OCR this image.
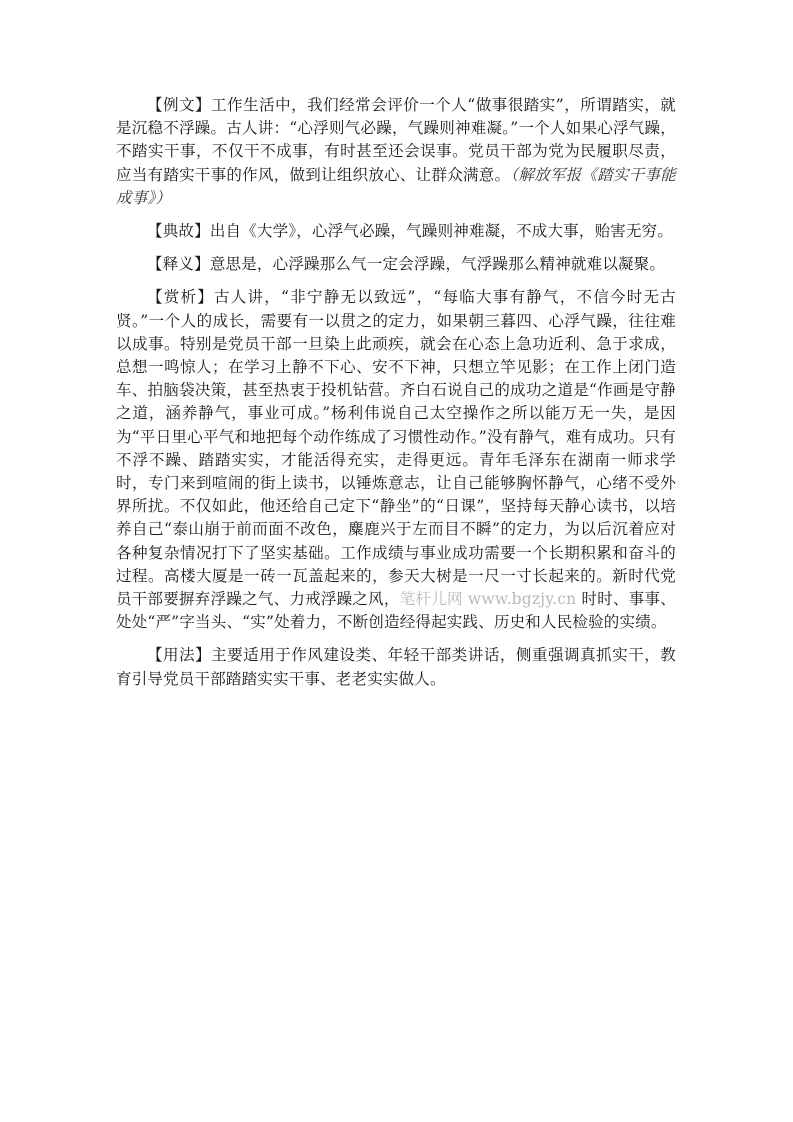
【例文】工作生活中，我们经常会评价一个人“做事很踏实”，所谓踏实，就是沉稳不浮躁。古人讲：“心浮则气必躁，气躁则神难凝。”一个人如果心浮气躁，不踏实干事，不仅干不成事，有时甚至还会误事。党员干部为党为民履职尽责，应当有踏实干事的作风，做到让组织放心、让群众满意。（解放军报《踏实干事能成事》）

【典故】出自《大学》，心浮气必躁，气躁则神难凝，不成大事，贻害无穷。

【释义】意思是，心浮躁那么气一定会浮躁，气浮躁那么精神就难以凝聚。

【赏析】古人讲，“非宁静无以致远”，“每临大事有静气，不信今时无古贤。”一个人的成长，需要有一以贯之的定力，如果朝三暮四、心浮气躁，往往难以成事。特别是党员干部一旦染上此顽疾，就会在心态上急功近利、急于求成，总想一鸣惊人；在学习上静不下心、安不下神，只想立竿见影；在工作上闭门造车、拍脑袋决策，甚至热衷于投机钻营。齐白石说自己的成功之道是“作画是守静之道，涵养静气，事业可成。”杨利伟说自己太空操作之所以能万无一失，是因为“平日里心平气和地把每个动作练成了习惯性动作。”没有静气，难有成功。只有不浮不躁、踏踏实实，才能活得充实，走得更远。青年毛泽东在湖南一师求学时，专门来到喧闹的街上读书，以锤炼意志，让自己能够胸怀静气，心绪不受外界所扰。不仅如此，他还给自己定下“静坐”的“日课”，坚持每天静心读书，以培养自己“泰山崩于前而面不改色，麋鹿兴于左而目不瞬”的定力，为以后沉着应对各种复杂情况打下了坚实基础。工作成绩与事业成功需要一个长期积累和奋斗的过程。高楼大厦是一砖一瓦盖起来的，参天大树是一尺一寸长起来的。新时代党员干部要摒弃浮躁之气、力戒浮躁之风，笔杆儿网 www.bgzjy.cn 时时、事事、处处“严”字当头、“实”处着力，不断创造经得起实践、历史和人民检验的实绩。

【用法】主要适用于作风建设类、年轻干部类讲话，侧重强调真抓实干，教育引导党员干部踏踏实实干事、老老实实做人。
